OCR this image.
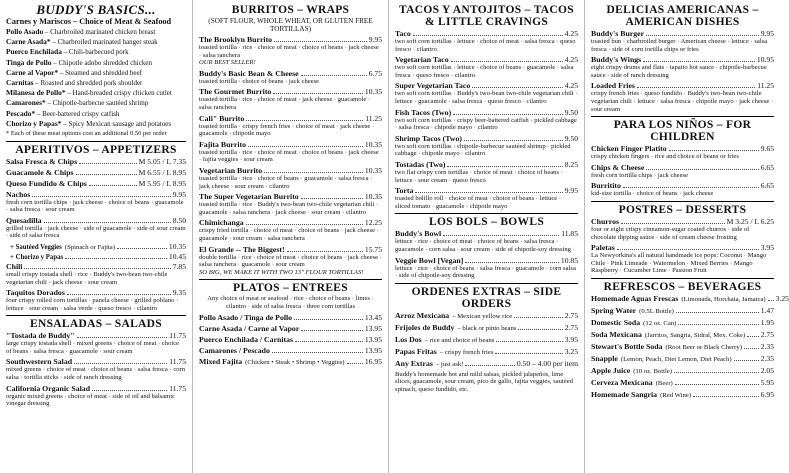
BUDDY'S BASICS...
Carnes y Mariscos – Choice of Meat & Seafood
Pollo Asado – Charbroiled marinated chicken breast
Carne Asada* – Charbroiled marinated hanger steak
Puerco Enchilada – Chili-barbecued pork
Tinga de Pollo – Chipotle adobo shredded chicken
Carne al Vapor* – Steamed and shredded beef
Carnitas – Roasted and shredded pork shoulder
Milanesa de Pollo* – Hand-breaded crispy chicken cutlet
Camarones* – Chipotle-barbecue sautéed shrimp
Pescado* – Beer-battered crispy catfish
Chorizo y Papas* – Spicy Mexican sausage and potatoes
* Each of these meat options cost an additional 0.50 per order
APERITIVOS – APPETIZERS
Salsa Fresca & Chips	M 5.05 / L 7.35
Guacamole & Chips	M 6.55 / L 8.95
Queso Fundido & Chips	M 5.95 / L 8.95
Nachos	9.95
fresh corn tortilla chips · jack cheese · choice of beans · guacamole · salsa fresca · sour cream
Quesadilla	8.50
grilled tortilla · jack cheese · side of guacamole · side of sour cream · side of salsa fresca
+ Sautéed Veggies (Spinach or Fajita)	10.35
+ Chorizo y Papas	10.45
Chili	7.85
small crispy tostada shell · rice · Buddy's two-bean two-chile vegetarian chili · jack cheese · sour cream
Taquitos Dorados	9.35
four crispy rolled corn tortillas · panela cheese · grilled poblano · lettuce · sour cream · salsa verde · queso fresco · cilantro
ENSALADAS – SALADS
"Tostada de Buddy"	11.75
large crispy tostada shell · mixed greens · choice of meat · choice of beans · salsa fresca · guacamole · sour cream
Southwestern Salad	11.75
mixed greens · choice of meat · choice of beans · salsa fresca · corn salsa · tortilla sticks · side of ranch dressing
California Organic Salad	11.75
organic mixed greens · choice of meat · side of oil and balsamic vinegar dressing
BURRITOS – WRAPS
(SOFT FLOUR, WHOLE WHEAT, OR GLUTEN FREE TORTILLAS)
The Brooklyn Burrito	9.95
toasted tortilla · rice · choice of meat · choice of beans · jack cheese · salsa ranchera
OUR BEST SELLER!
Buddy's Basic Bean & Cheese	6.75
toasted tortilla · choice of beans · jack cheese
The Gourmet Burrito	10.35
toasted tortilla · rice · choice of meat · jack cheese · guacamole · salsa ranchera
Cali" Burrito	11.25
toasted tortilla · crispy french fries · choice of meat · jack cheese · guacamole · chipotle mayo
Fajita Burrito	10.35
toasted tortilla · rice · choice of meat · choice of beans · jack cheese · fajita veggies · sour cream
Vegetarian Burrito	10.35
toasted tortilla · rice · choice of beans · guacamole · salsa fresca · jack cheese · sour cream · cilantro
The Super Vegetarian Burrito	10.35
toasted tortilla · rice · Buddy's two-bean two-chile vegetarian chili · guacamole · salsa ranchera · jack cheese · sour cream · cilantro
Chimichanga	12.25
crispy fried tortilla · choice of meat · choice of beans · jack cheese · guacamole · sour cream · salsa ranchera
El Grande -- The Biggest!	15.75
double tortilla · rice · choice of meat · choice of beans · jack cheese · salsa ranchera · guacamole · sour cream
SO BIG, WE MAKE IT WITH TWO 13" FLOUR TORTILLAS!
PLATOS – ENTREES
Any choice of meat or seafood · rice · choice of beans · limes · cilantro · side of salsa fresca · three corn tortillas
Pollo Asado / Tinga de Pollo	13.45
Carne Asada / Carne al Vapor	13.95
Puerco Enchilada / Carnitas	13.95
Camarones / Pescado	13.95
Mixed Fajita (Chicken • Steak • Shrimp • Veggies)	16.95
TACOS Y ANTOJITOS – TACOS & LITTLE CRAVINGS
Taco	4.25
two soft corn tortillas · lettuce · choice of meat · salsa fresca · queso fresco · cilantro
Vegetarian Taco	4.25
two soft corn tortillas · lettuce · choice of beans · guacamole · salsa fresca · queso fresco · cilantro
Super Vegetarian Taco	4.25
two soft corn tortillas · Buddy's two-bean two-chile vegetarian chili · lettuce · guacamole · salsa fresca · queso fresco · cilantro
Fish Tacos (Two)	9.50
two soft corn tortillas · crispy beer-battered catfish · pickled cabbage · salsa fresca · chipotle mayo · cilantro
Shrimp Tacos (Two)	9.50
two soft corn tortillas · chipotle-barbecue sautéed shrimp · pickled cabbage · chipotle mayo · cilantro
Tostadas (Two)	8.25
two flat crispy corn tortillas · choice of meat · choice of beans · lettuce · sour cream · queso fresco
Torta	9.95
toasted bolillo roll · choice of meat · choice of beans · lettuce · sliced tomato · guacamole · chipotle mayo
LOS BOLS – BOWLS
Buddy's Bowl	11.85
lettuce · rice · choice of meat · choice of beans · salsa fresca · guacamole · corn salsa · sour cream · side of chipotle-soy dressing
Veggie Bowl [Vegan]	10.85
lettuce · rice · choice of beans · salsa fresca · guacamole · corn salsa · side of chipotle-soy dressing
ORDENES EXTRAS – SIDE ORDERS
Arroz Mexicana – Mexican yellow rice	2.75
Frijoles de Buddy – black or pinto beans	2.75
Los Dos – rice and choice of beans	3.95
Papas Fritas – crispy french fries	3.25
Any Extras – just ask!	0.50 – 4.00 per item
Buddy's homemade hot and mild salsas, pickled jalapeños, lime slices, guacamole, sour cream, pico de gallo, fajita veggies, sautéed spinach, queso fundido, etc.
DELICIAS AMERICANAS – AMERICAN DISHES
Buddy's Burger	9.95
toasted bun · charbroiled burger · American cheese · lettuce · salsa fresca · side of corn tortilla chips or fries
Buddy's Wings	10.95
eight crispy drums and flats · tapatio hot sauce · chipotle-barbecue sauce · side of ranch dressing
Loaded Fries	11.25
crispy french fries · queso fundido · Buddy's two-bean two-chile vegetarian chili · lettuce · salsa fresca · chipotle mayo · jack cheese · sour cream
PARA LOS NIÑOS – FOR CHILDREN
Chicken Finger Platito	9.65
crispy chicken fingers · rice and choice of beans or fries
Chips & Cheese	6.65
fresh corn tortilla chips · jack cheese
Burritito	6.65
kid-size tortilla · choice of beans · jack cheese
POSTRES – DESSERTS
Churros	M 3.25 / L 6.25
four or eight crispy cinnamon-sugar coated churros · side of chocolate dipping sauce · side of cream cheese frosting
Paletas	3.95
La Newyorkina's all natural handmade ice pops: Coconut · Mango Chile · Pink Limeade · Watermelon · Mixed Berries · Mango Raspberry · Cucumber Lime · Passion Fruit
REFRESCOS – BEVERAGES
Homemade Aguas Frescas (Limonada, Horchata, Jamaica) 3.25
Spring Water (0.5L Bottle)	1.47
Domestic Soda (12 oz. Can)	1.95
Soda Mexicana (Jarritos, Sangria, Sidral, Mex. Coke) 2.75
Stewart's Bottle Soda (Root Beer or Black Cherry) 2.35
Snapple (Lemon, Peach, Diet Lemon, Diet Peach)	2.35
Apple Juice (10 oz. Bottle)	2.05
Cerveza Mexicana (Beer)	5.95
Homemade Sangria (Red Wine)	6.95
